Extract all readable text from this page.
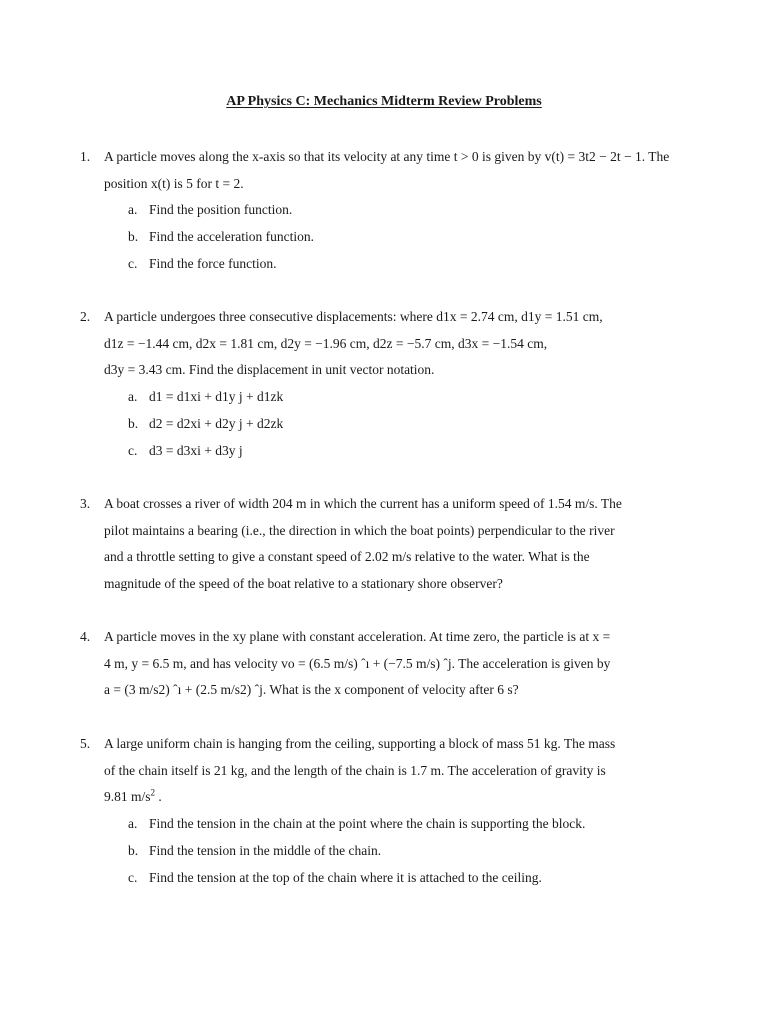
AP Physics C: Mechanics Midterm Review Problems
1. A particle moves along the x-axis so that its velocity at any time t > 0 is given by v(t) = 3t2 − 2t − 1. The position x(t) is 5 for t = 2.
a. Find the position function.
b. Find the acceleration function.
c. Find the force function.
2. A particle undergoes three consecutive displacements: where d1x = 2.74 cm, d1y = 1.51 cm,
d1z = −1.44 cm, d2x = 1.81 cm, d2y = −1.96 cm, d2z = −5.7 cm, d3x = −1.54 cm,
d3y = 3.43 cm. Find the displacement in unit vector notation.
a. d1 = d1xi + d1y j + d1zk
b. d2 = d2xi + d2y j + d2zk
c. d3 = d3xi + d3y j
3. A boat crosses a river of width 204 m in which the current has a uniform speed of 1.54 m/s. The
pilot maintains a bearing (i.e., the direction in which the boat points) perpendicular to the river
and a throttle setting to give a constant speed of 2.02 m/s relative to the water. What is the
magnitude of the speed of the boat relative to a stationary shore observer?
4. A particle moves in the xy plane with constant acceleration. At time zero, the particle is at x =
4 m, y = 6.5 m, and has velocity vo = (6.5 m/s) ˆı + (−7.5 m/s) ˆj. The acceleration is given by
a = (3 m/s2) ˆı + (2.5 m/s2) ˆj. What is the x component of velocity after 6 s?
5. A large uniform chain is hanging from the ceiling, supporting a block of mass 51 kg. The mass
of the chain itself is 21 kg, and the length of the chain is 1.7 m. The acceleration of gravity is
9.81 $m/s^2$ .
a. Find the tension in the chain at the point where the chain is supporting the block.
b. Find the tension in the middle of the chain.
c. Find the tension at the top of the chain where it is attached to the ceiling.
